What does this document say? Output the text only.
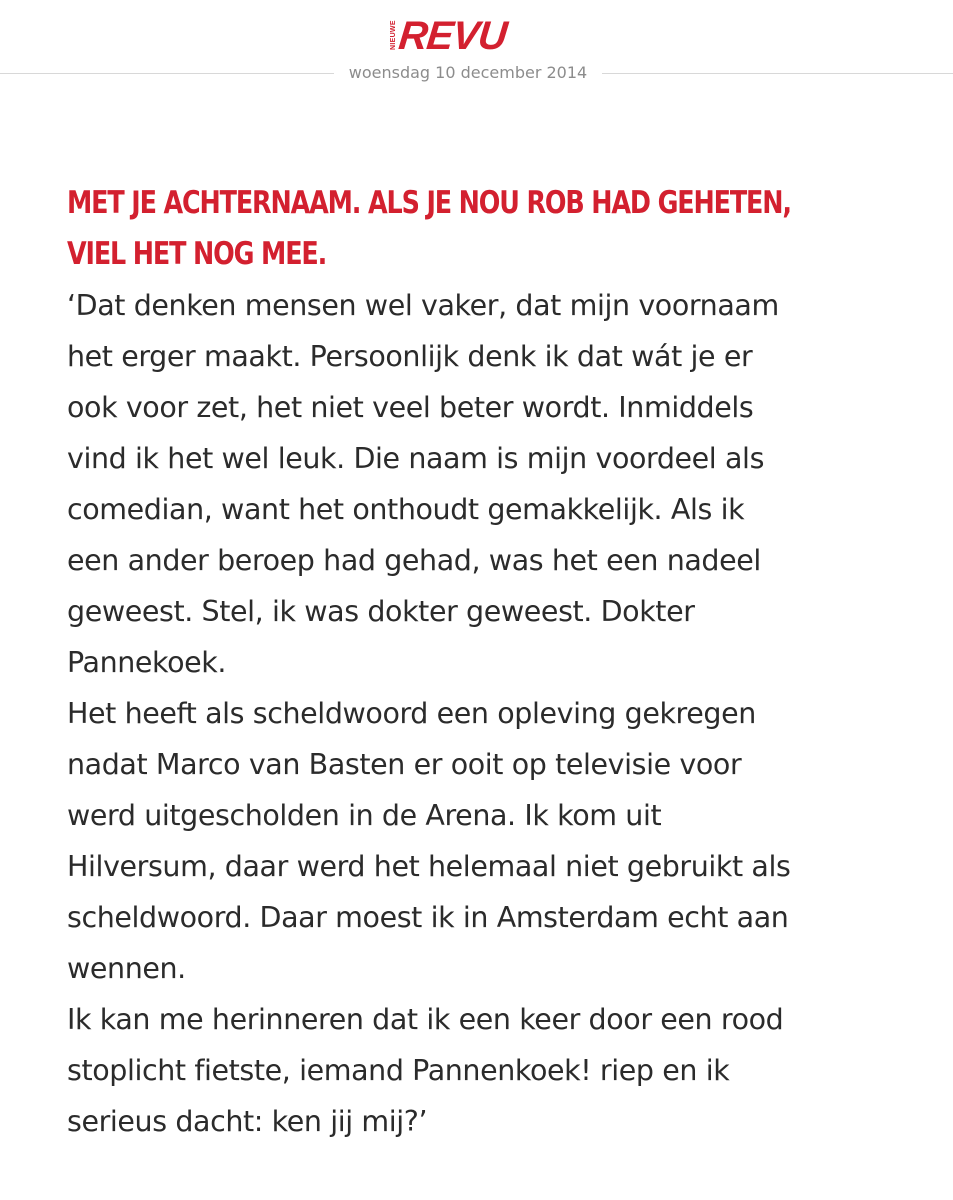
NIEUWE REVU
woensdag 10 december 2014
MET JE ACHTERNAAM. ALS JE NOU ROB HAD GEHETEN,
VIEL HET NOG MEE.

‘Dat denken mensen wel vaker, dat mijn voornaam
het erger maakt. Persoonlijk denk ik dat wát je er
ook voor zet, het niet veel beter wordt. Inmiddels
vind ik het wel leuk. Die naam is mijn voordeel als
comedian, want het onthoudt gemakkelijk. Als ik
een ander beroep had gehad, was het een nadeel
geweest. Stel, ik was dokter geweest. Dokter
Pannekoek.

Het heeft als scheldwoord een opleving gekregen
nadat Marco van Basten er ooit op televisie voor
werd uitgescholden in de Arena. Ik kom uit
Hilversum, daar werd het helemaal niet gebruikt als
scheldwoord. Daar moest ik in Amsterdam echt aan
wennen.

Ik kan me herinneren dat ik een keer door een rood
stoplicht fietste, iemand Pannenkoek! riep en ik
serieus dacht: ken jij mij?’
